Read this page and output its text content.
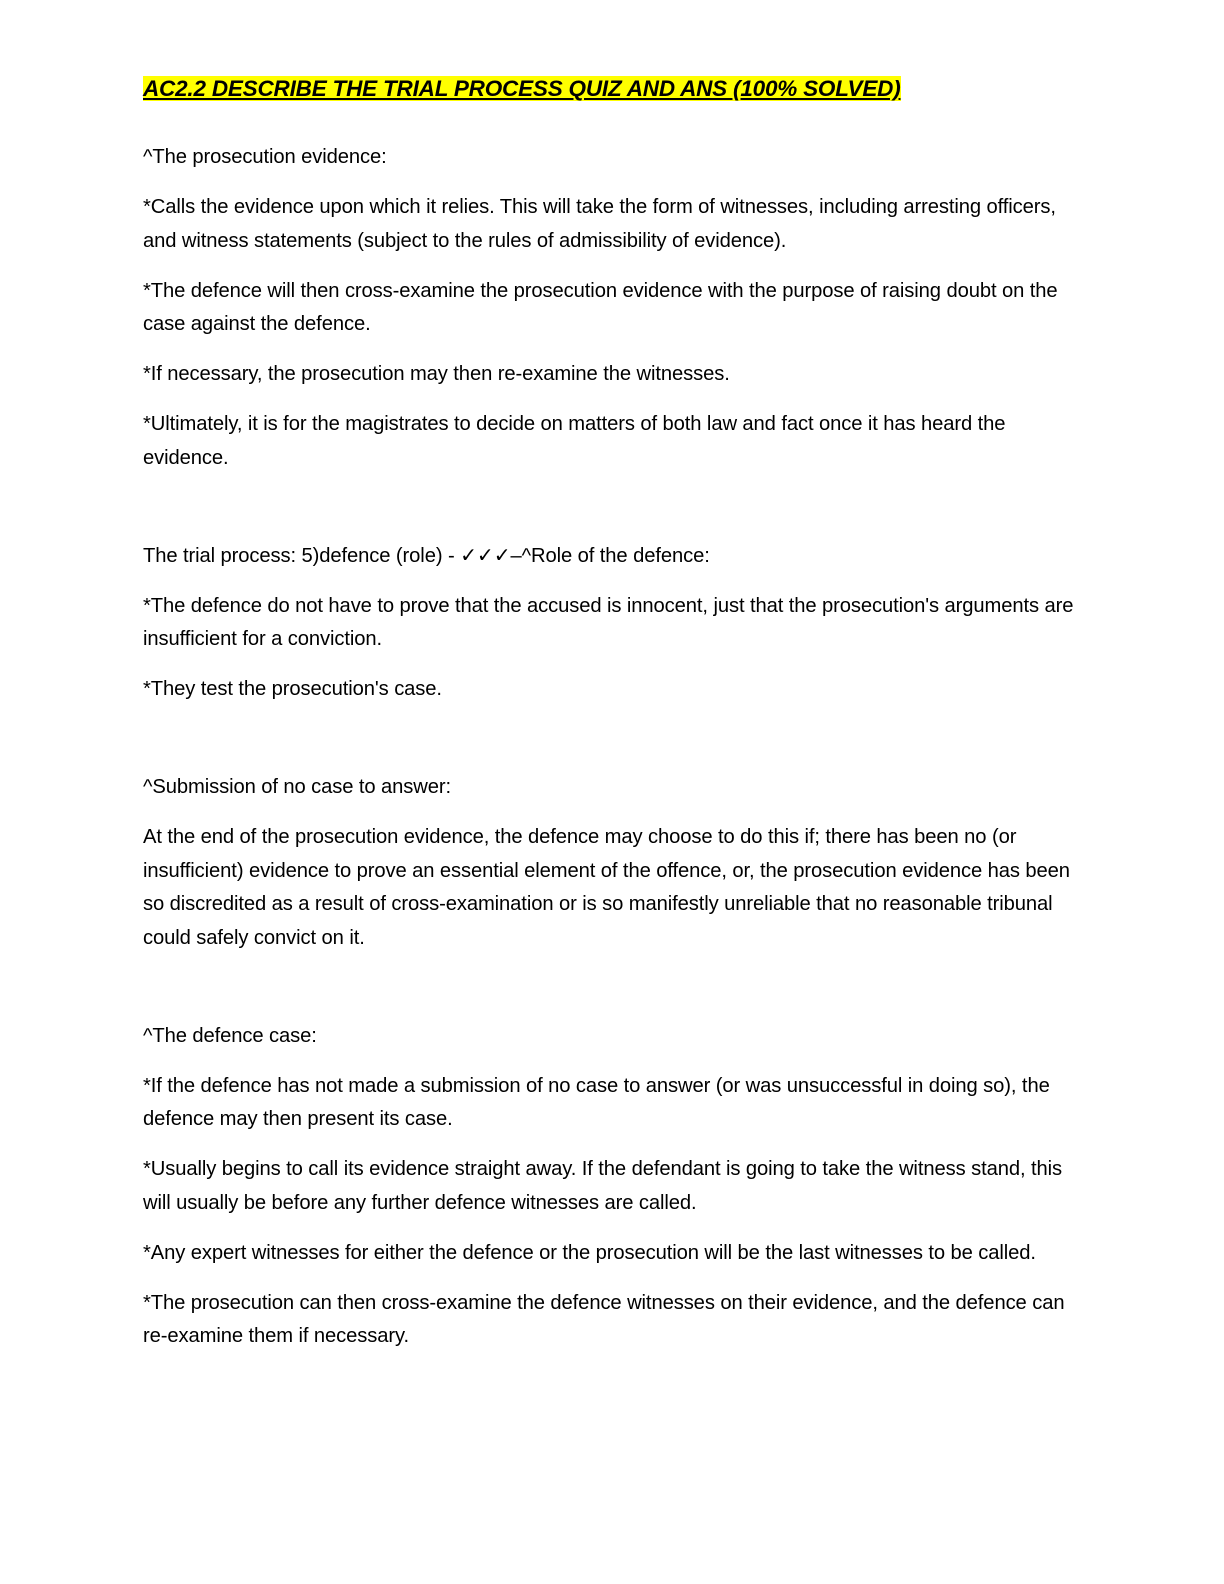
AC2.2 DESCRIBE THE TRIAL PROCESS QUIZ AND ANS (100% SOLVED)

^The prosecution evidence:

*Calls the evidence upon which it relies. This will take the form of witnesses, including arresting officers, and witness statements (subject to the rules of admissibility of evidence).

*The defence will then cross-examine the prosecution evidence with the purpose of raising doubt on the case against the defence.

*If necessary, the prosecution may then re-examine the witnesses.

*Ultimately, it is for the magistrates to decide on matters of both law and fact once it has heard the evidence.

The trial process: 5)defence (role) - ✓✓✓–^Role of the defence:

*The defence do not have to prove that the accused is innocent, just that the prosecution's arguments are insufficient for a conviction.

*They test the prosecution's case.

^Submission of no case to answer:

At the end of the prosecution evidence, the defence may choose to do this if; there has been no (or insufficient) evidence to prove an essential element of the offence, or, the prosecution evidence has been so discredited as a result of cross-examination or is so manifestly unreliable that no reasonable tribunal could safely convict on it.

^The defence case:

*If the defence has not made a submission of no case to answer (or was unsuccessful in doing so), the defence may then present its case.

*Usually begins to call its evidence straight away. If the defendant is going to take the witness stand, this will usually be before any further defence witnesses are called.

*Any expert witnesses for either the defence or the prosecution will be the last witnesses to be called.

*The prosecution can then cross-examine the defence witnesses on their evidence, and the defence can re-examine them if necessary.
